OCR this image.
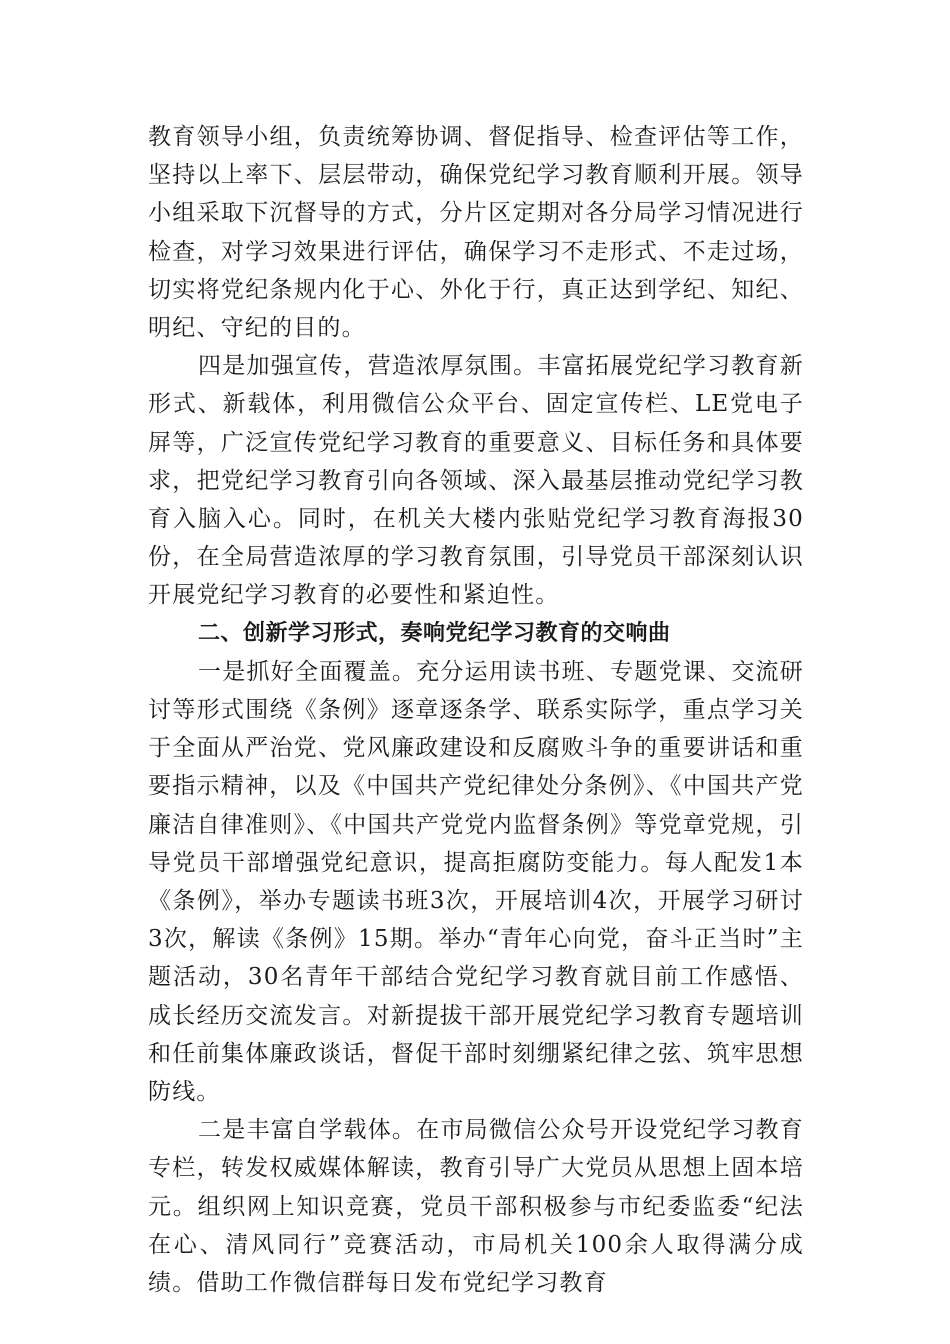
教育领导小组，负责统筹协调、督促指导、检查评估等工作，坚持以上率下、层层带动，确保党纪学习教育顺利开展。领导小组采取下沉督导的方式，分片区定期对各分局学习情况进行检查，对学习效果进行评估，确保学习不走形式、不走过场，切实将党纪条规内化于心、外化于行，真正达到学纪、知纪、明纪、守纪的目的。

四是加强宣传，营造浓厚氛围。丰富拓展党纪学习教育新形式、新载体，利用微信公众平台、固定宣传栏、LE党电子屏等，广泛宣传党纪学习教育的重要意义、目标任务和具体要求，把党纪学习教育引向各领域、深入最基层推动党纪学习教育入脑入心。同时，在机关大楼内张贴党纪学习教育海报30份，在全局营造浓厚的学习教育氛围，引导党员干部深刻认识开展党纪学习教育的必要性和紧迫性。

二、创新学习形式，奏响党纪学习教育的交响曲

一是抓好全面覆盖。充分运用读书班、专题党课、交流研讨等形式围绕《条例》逐章逐条学、联系实际学，重点学习关于全面从严治党、党风廉政建设和反腐败斗争的重要讲话和重要指示精神，以及《中国共产党纪律处分条例》、《中国共产党廉洁自律准则》、《中国共产党党内监督条例》等党章党规，引导党员干部增强党纪意识，提高拒腐防变能力。每人配发1本《条例》，举办专题读书班3次，开展培训4次，开展学习研讨3次，解读《条例》15期。举办“青年心向党，奋斗正当时”主题活动，30名青年干部结合党纪学习教育就目前工作感悟、成长经历交流发言。对新提拔干部开展党纪学习教育专题培训和任前集体廉政谈话，督促干部时刻绷紧纪律之弦、筑牢思想防线。

二是丰富自学载体。在市局微信公众号开设党纪学习教育专栏，转发权威媒体解读，教育引导广大党员从思想上固本培元。组织网上知识竞赛，党员干部积极参与市纪委监委“纪法在心、清风同行”竞赛活动，市局机关100余人取得满分成绩。借助工作微信群每日发布党纪学习教育
